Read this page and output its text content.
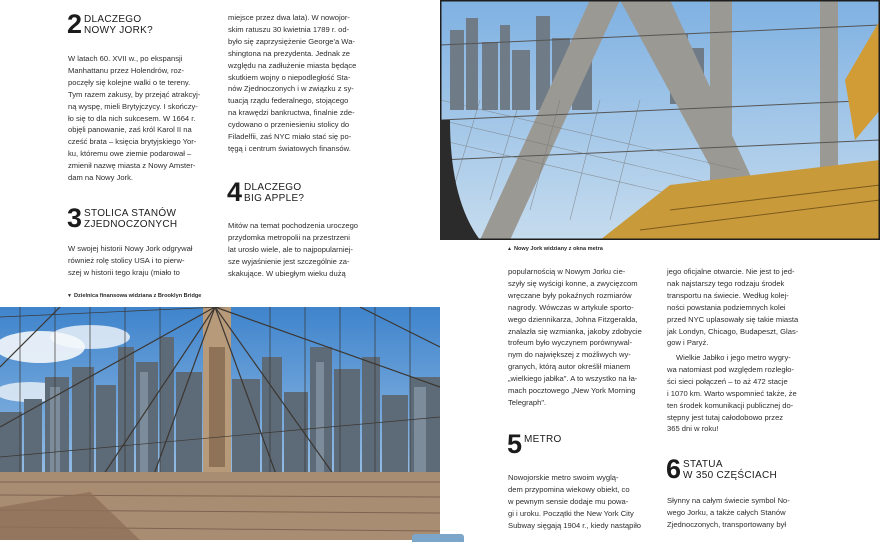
2 DLACZEGO
NOWY JORK?

W latach 60. XVII w., po ekspansji

Manhattanu przez Holendrów, roz-

poczęły się kolejne walki o te tereny.

Tym razem zakusy, by przejąć atrakcyj-

ną wyspę, mieli Brytyjczycy. I skończy-

ło się to dla nich sukcesem. W 1664 r.

objęli panowanie, zaś król Karol II na

cześć brata – księcia brytyjskiego Yor-

ku, któremu owe ziemie podarował –

zmienił nazwę miasta z Nowy Amster-

dam na Nowy Jork.

3 STOLICA STANÓW
ZJEDNOCZONYCH

W swojej historii Nowy Jork odgrywał

również rolę stolicy USA i to pierw-

szej w historii tego kraju (miało to

miejsce przez dwa lata). W nowojor-

skim ratuszu 30 kwietnia 1789 r. od-

było się zaprzysiężenie George'a Wa-

shingtona na prezydenta. Jednak ze

względu na zadłużenie miasta będące

skutkiem wojny o niepodległość Sta-

nów Zjednoczonych i w związku z sy-

tuacją rządu federalnego, stojącego

na krawędzi bankructwa, finalnie zde-

cydowano o przeniesieniu stolicy do

Filadelfii, zaś NYC miało stać się po-

tęgą i centrum światowych finansów.

4 DLACZEGO
BIG APPLE?

Mitów na temat pochodzenia uroczego

przydomka metropolii na przestrzeni

lat urosło wiele, ale to najpopularniej-

sze wyjaśnienie jest szczególnie za-

skakujące. W ubiegłym wieku dużą

▼ Dzielnica finansowa widziana z Brooklyn Bridge
▲ Nowy Jork widziany z okna metra

popularnością w Nowym Jorku cie-

szyły się wyścigi konne, a zwycięzcom

wręczane były pokaźnych rozmiarów

nagrody. Wówczas w artykule sporto-

wego dziennikarza, Johna Fitzgeralda,

znalazła się wzmianka, jakoby zdobycie

trofeum było wyczynem porównywal-

nym do największej z możliwych wy-

granych, którą autor określił mianem

„wielkiego jabłka". A to wszystko na ła-

mach pocztowego „New York Morning

Telegraph".

5 METRO

Nowojorskie metro swoim wyglą-

dem przypomina wiekowy obiekt, co

w pewnym sensie dodaje mu powa-

gi i uroku. Początki the New York City

Subway sięgają 1904 r., kiedy nastąpiło

jego oficjalne otwarcie. Nie jest to jed-

nak najstarszy tego rodzaju środek

transportu na świecie. Według kolej-

ności powstania podziemnych kolei

przed NYC uplasowały się takie miasta

jak Londyn, Chicago, Budapeszt, Glas-

gow i Paryż.

Wielkie Jabłko i jego metro wygry-

wa natomiast pod względem rozległo-

ści sieci połączeń – to aż 472 stacje

i 1070 km. Warto wspomnieć także, że

ten środek komunikacji publicznej do-

stępny jest tutaj całodobowo przez

365 dni w roku!

6 STATUA
W 350 CZĘŚCIACH

Słynny na całym świecie symbol No-

wego Jorku, a także całych Stanów

Zjednoczonych, transportowany był
